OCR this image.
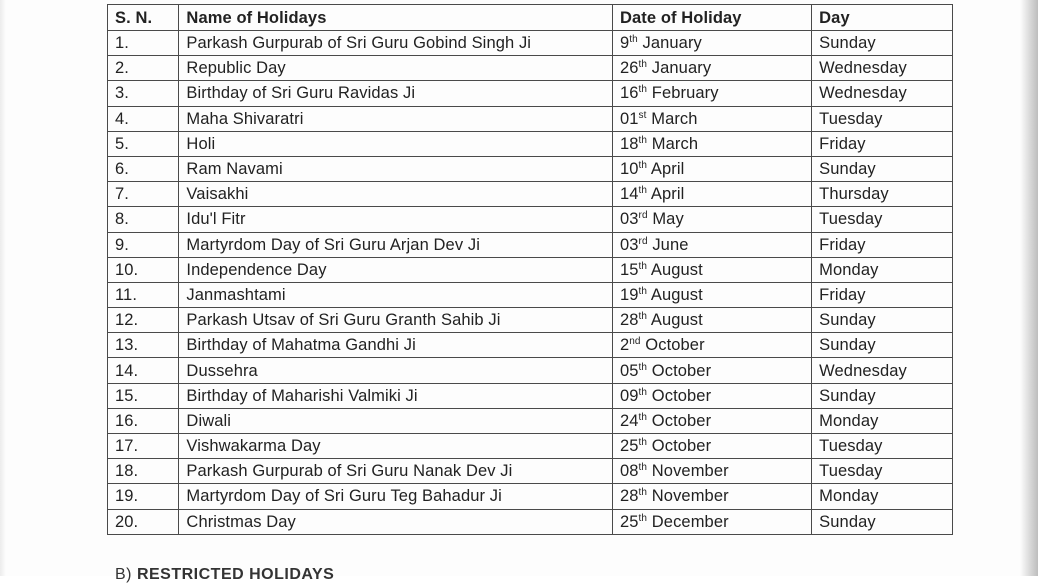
S. N.	Name of Holidays	Date of Holiday	Day
1.	Parkash Gurpurab of Sri Guru Gobind Singh Ji	9th January	Sunday
2.	Republic Day	26th January	Wednesday
3.	Birthday of Sri Guru Ravidas Ji	16th February	Wednesday
4.	Maha Shivaratri	01st March	Tuesday
5.	Holi	18th March	Friday
6.	Ram Navami	10th April	Sunday
7.	Vaisakhi	14th April	Thursday
8.	Idu'l Fitr	03rd May	Tuesday
9.	Martyrdom Day of Sri Guru Arjan Dev Ji	03rd June	Friday
10.	Independence Day	15th August	Monday
11.	Janmashtami	19th August	Friday
12.	Parkash Utsav of Sri Guru Granth Sahib Ji	28th August	Sunday
13.	Birthday of Mahatma Gandhi Ji	2nd October	Sunday
14.	Dussehra	05th October	Wednesday
15.	Birthday of Maharishi Valmiki Ji	09th October	Sunday
16.	Diwali	24th October	Monday
17.	Vishwakarma Day	25th October	Tuesday
18.	Parkash Gurpurab of Sri Guru Nanak Dev Ji	08th November	Tuesday
19.	Martyrdom Day of Sri Guru Teg Bahadur Ji	28th November	Monday
20.	Christmas Day	25th December	Sunday
B) RESTRICTED HOLIDAYS
